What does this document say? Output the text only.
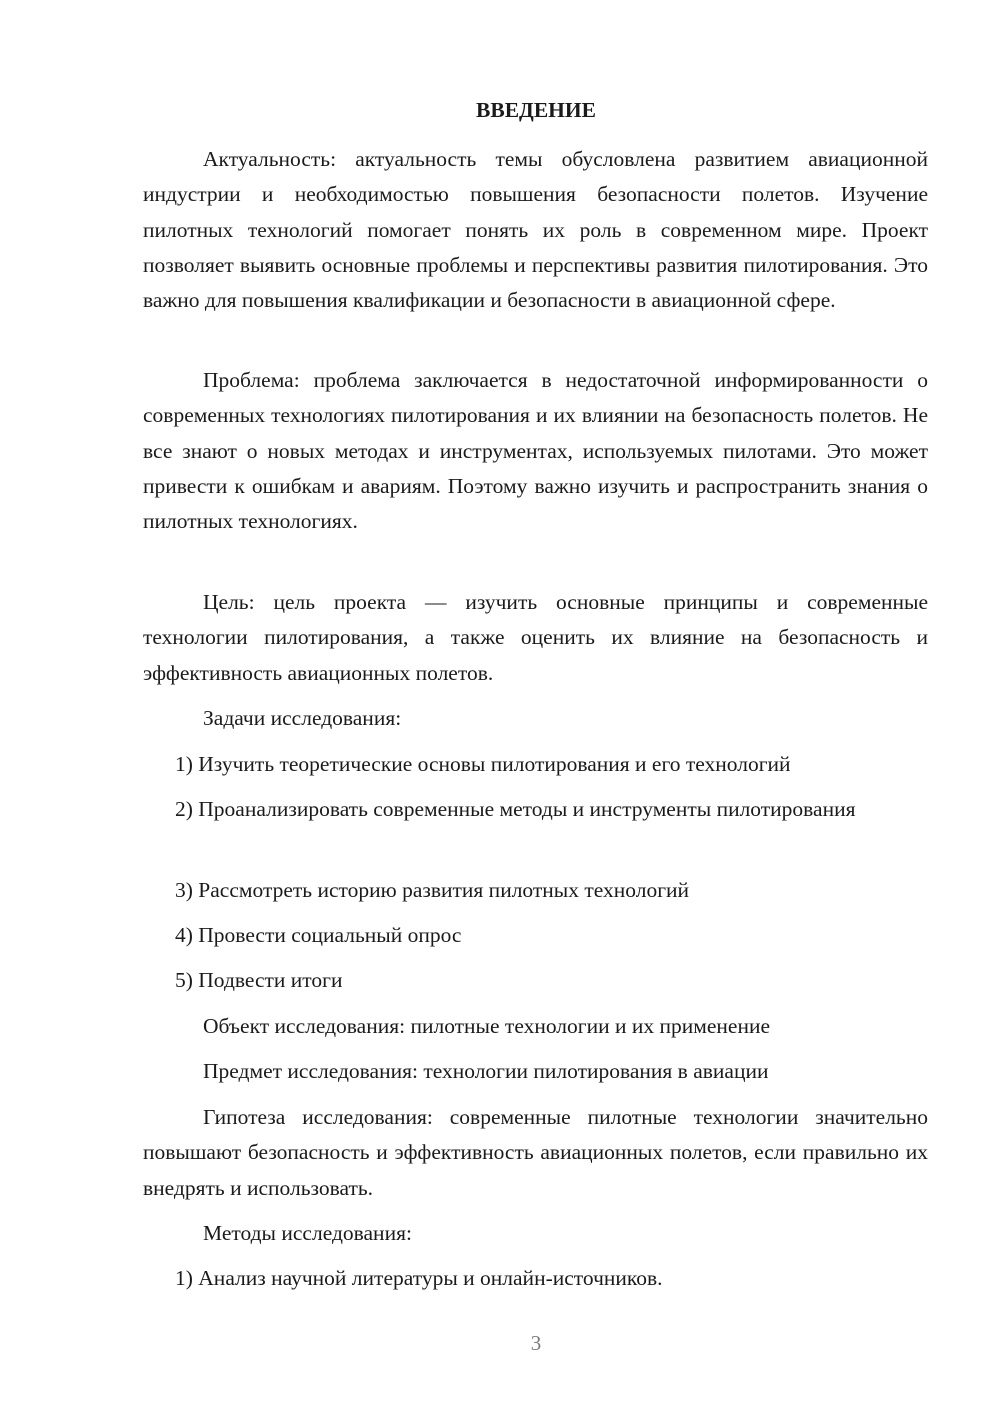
ВВЕДЕНИЕ

Актуальность: актуальность темы обусловлена развитием авиационной индустрии и необходимостью повышения безопасности полетов. Изучение пилотных технологий помогает понять их роль в современном мире. Проект позволяет выявить основные проблемы и перспективы развития пилотирования. Это важно для повышения квалификации и безопасности в авиационной сфере.

Проблема: проблема заключается в недостаточной информированности о современных технологиях пилотирования и их влиянии на безопасность полетов. Не все знают о новых методах и инструментах, используемых пилотами. Это может привести к ошибкам и авариям. Поэтому важно изучить и распространить знания о пилотных технологиях.

Цель: цель проекта — изучить основные принципы и современные технологии пилотирования, а также оценить их влияние на безопасность и эффективность авиационных полетов.

Задачи исследования:

1) Изучить теоретические основы пилотирования и его технологий

2) Проанализировать современные методы и инструменты пилотирования

3) Рассмотреть историю развития пилотных технологий

4) Провести социальный опрос

5) Подвести итоги

Объект исследования: пилотные технологии и их применение

Предмет исследования: технологии пилотирования в авиации

Гипотеза исследования: современные пилотные технологии значительно повышают безопасность и эффективность авиационных полетов, если правильно их внедрять и использовать.

Методы исследования:

1) Анализ научной литературы и онлайн-источников.

3
